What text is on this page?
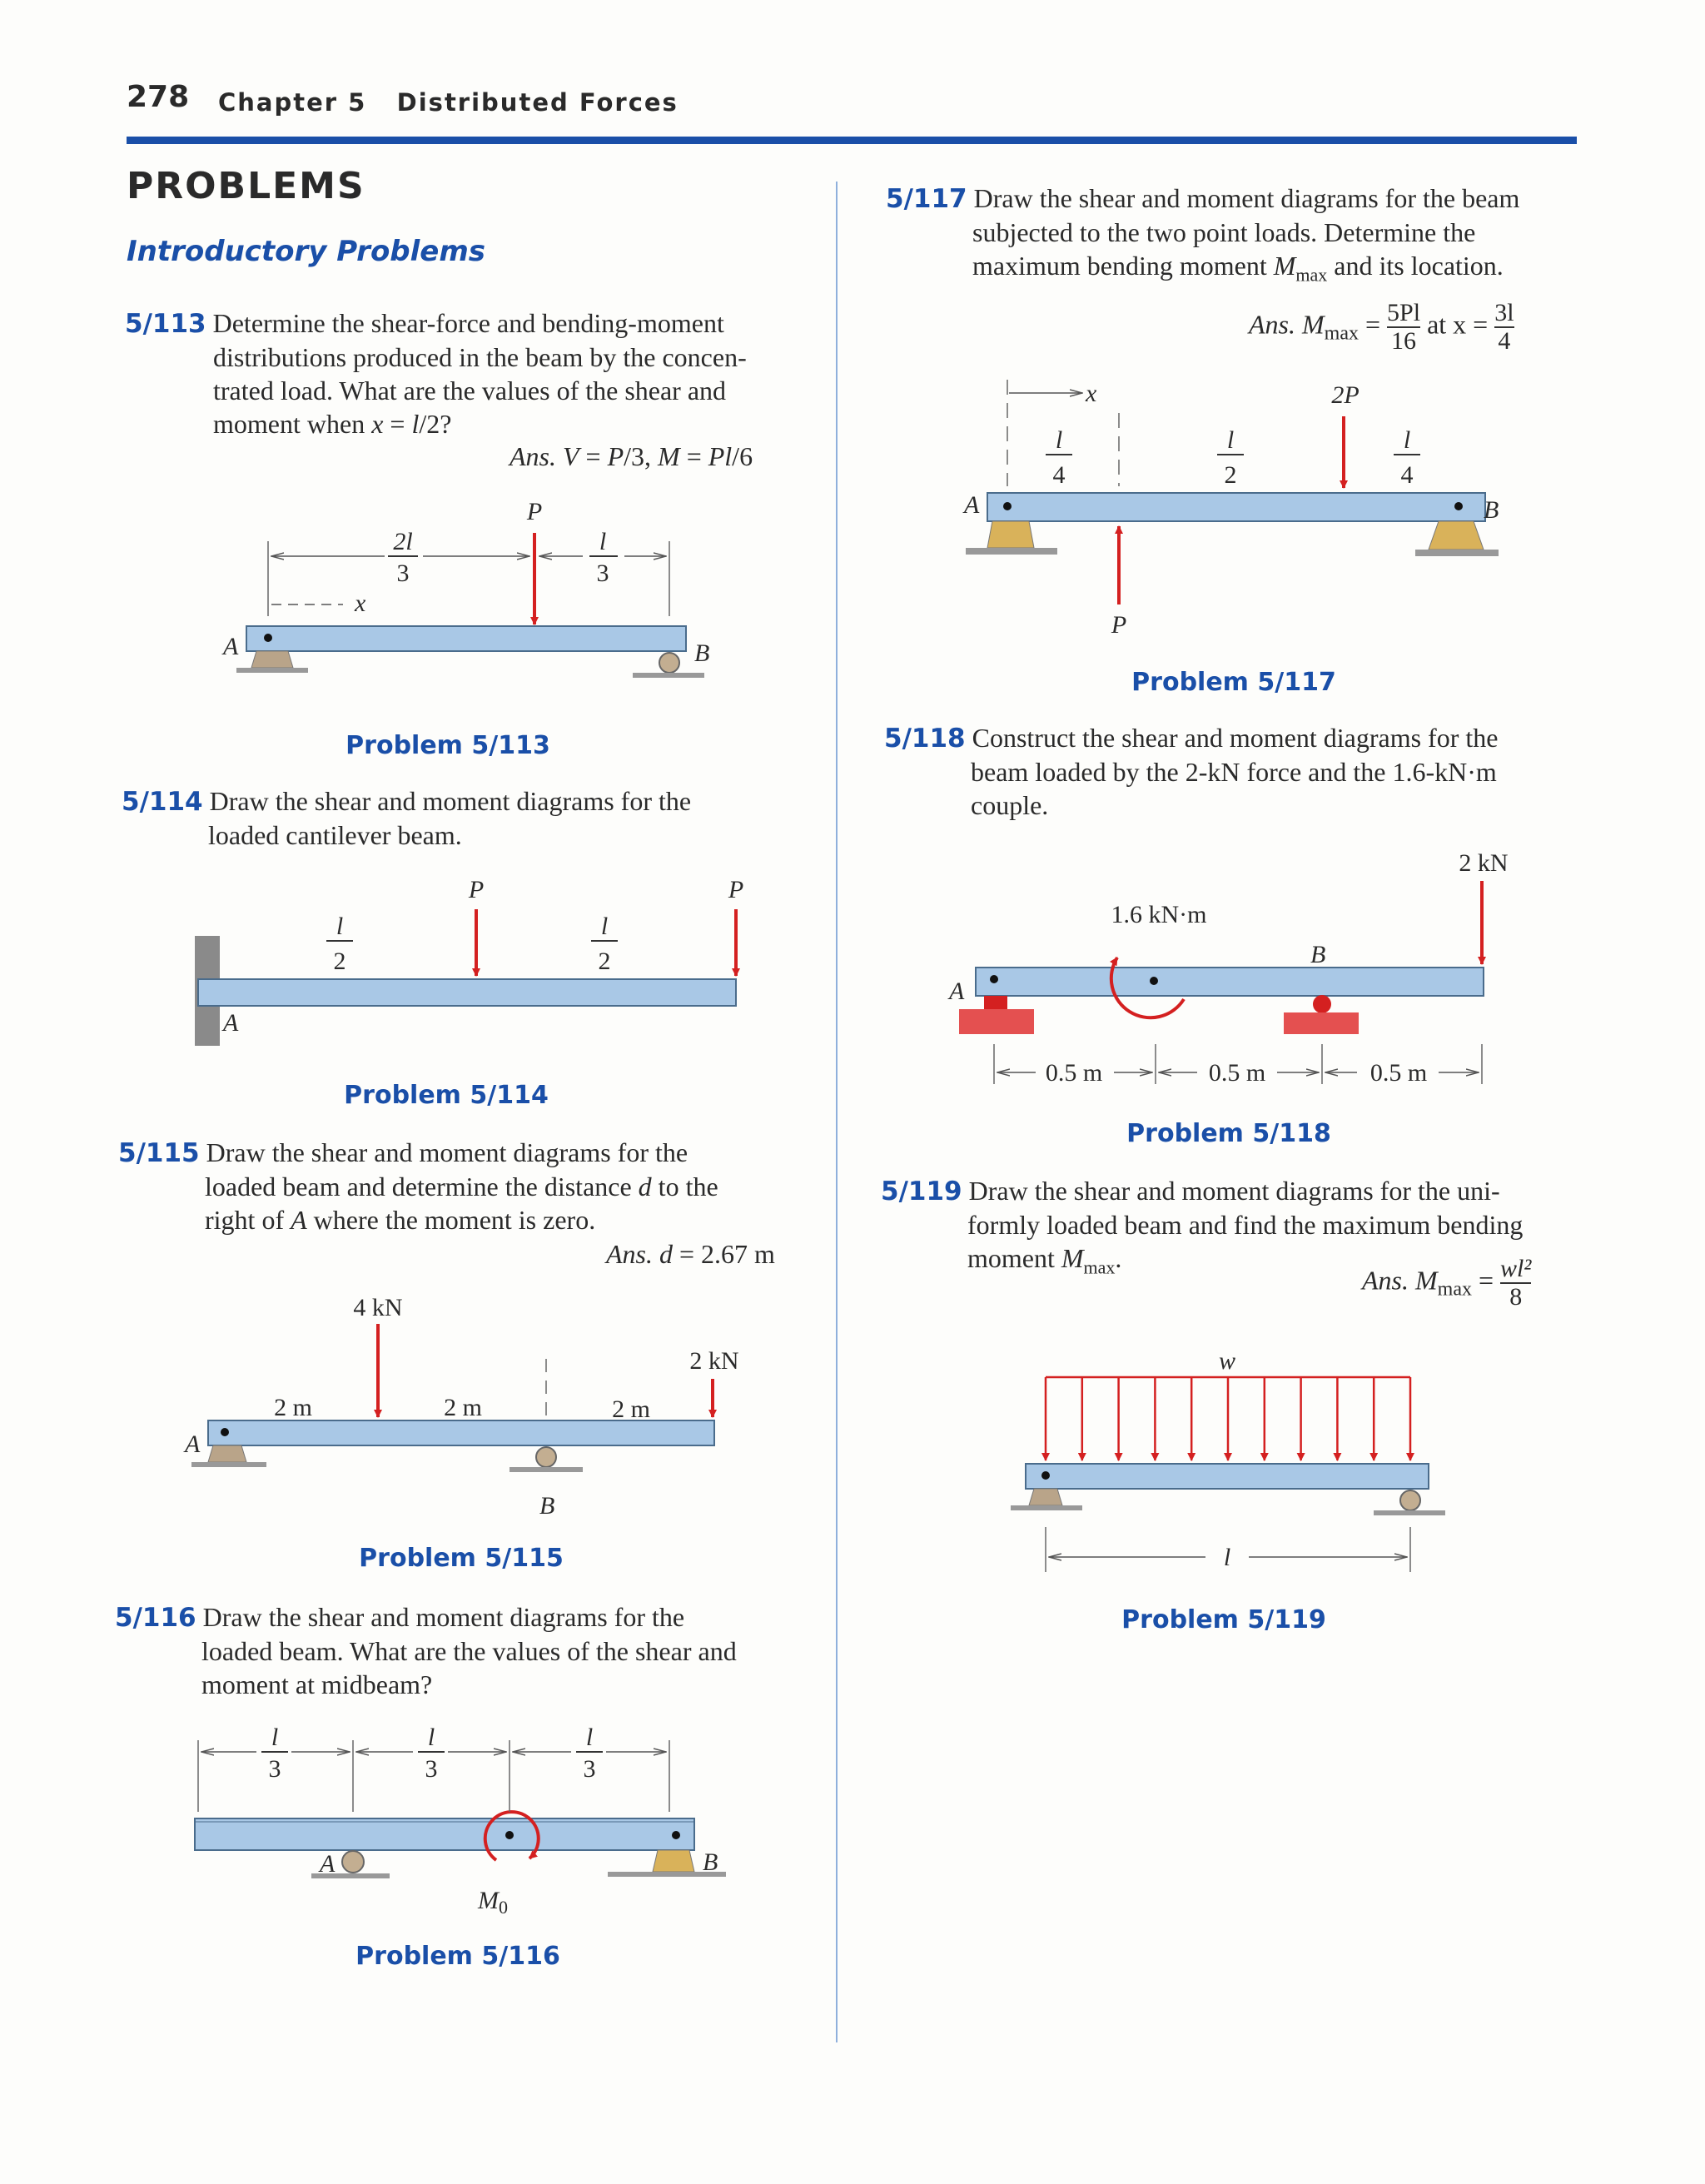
278 Chapter 5 Distributed Forces
PROBLEMS
Introductory Problems
5/113 Determine the shear-force and bending-moment
distributions produced in the beam by the concen-
trated load. What are the values of the shear and
moment when x = l/2?
Ans. V = P/3, M = Pl/6
5/114 Draw the shear and moment diagrams for the
loaded cantilever beam.
5/115 Draw the shear and moment diagrams for the
loaded beam and determine the distance d to the
right of A where the moment is zero.
Ans. d = 2.67 m
5/116 Draw the shear and moment diagrams for the
loaded beam. What are the values of the shear and
moment at midbeam?
5/117 Draw the shear and moment diagrams for the beam
subjected to the two point loads. Determine the
maximum bending moment $M_{max}$ and its location.
Ans. $M_{max} = \frac{5Pl}{16}$ at $x = \frac{3l}{4}$
5/118 Construct the shear and moment diagrams for the
beam loaded by the 2-kN force and the 1.6-kN·m
couple.
5/119 Draw the shear and moment diagrams for the uni-
formly loaded beam and find the maximum bending
moment $M_{max}$.
Ans. $M_{max} = \frac{\text{wl²}}{8}$
Problem 5/113
Problem 5/114
Problem 5/115
Problem 5/116
Problem 5/117
Problem 5/118
Problem 5/119
P
2l
3
l
3
x
A	B
P	P
l
2
l
2
A
4 kN
2 kN
2 m	2 m	2 m
A
B
$M_0$
l
3
l
3
l
3
A	B
x
l
4
l
2
l
4
2P
P
A	B
1.6 kN·m
2 kN
B
A
0.5 m	0.5 m	0.5 m
w
l
